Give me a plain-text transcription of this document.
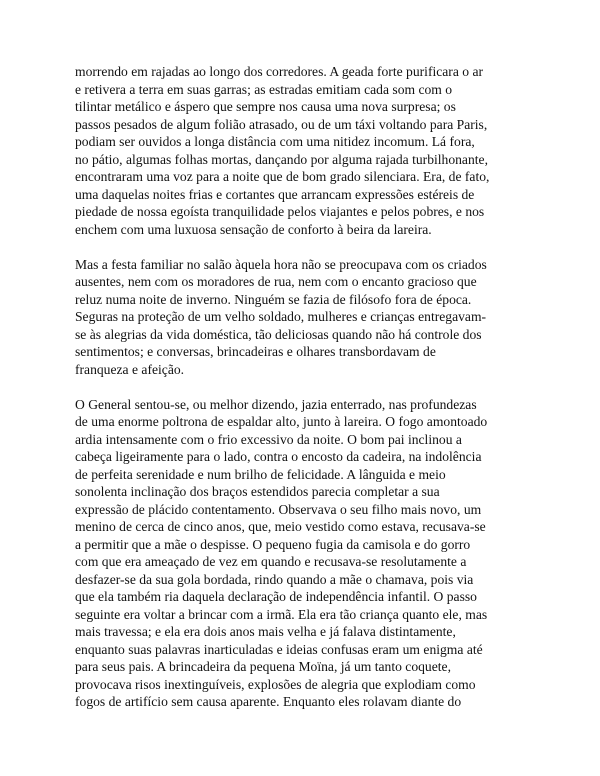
morrendo em rajadas ao longo dos corredores. A geada forte purificara o ar
e retivera a terra em suas garras; as estradas emitiam cada som com o
tilintar metálico e áspero que sempre nos causa uma nova surpresa; os
passos pesados de algum folião atrasado, ou de um táxi voltando para Paris,
podiam ser ouvidos a longa distância com uma nitidez incomum. Lá fora,
no pátio, algumas folhas mortas, dançando por alguma rajada turbilhonante,
encontraram uma voz para a noite que de bom grado silenciara. Era, de fato,
uma daquelas noites frias e cortantes que arrancam expressões estéreis de
piedade de nossa egoísta tranquilidade pelos viajantes e pelos pobres, e nos
enchem com uma luxuosa sensação de conforto à beira da lareira.

Mas a festa familiar no salão àquela hora não se preocupava com os criados
ausentes, nem com os moradores de rua, nem com o encanto gracioso que
reluz numa noite de inverno. Ninguém se fazia de filósofo fora de época.
Seguras na proteção de um velho soldado, mulheres e crianças entregavam-
se às alegrias da vida doméstica, tão deliciosas quando não há controle dos
sentimentos; e conversas, brincadeiras e olhares transbordavam de
franqueza e afeição.

O General sentou-se, ou melhor dizendo, jazia enterrado, nas profundezas
de uma enorme poltrona de espaldar alto, junto à lareira. O fogo amontoado
ardia intensamente com o frio excessivo da noite. O bom pai inclinou a
cabeça ligeiramente para o lado, contra o encosto da cadeira, na indolência
de perfeita serenidade e num brilho de felicidade. A lânguida e meio
sonolenta inclinação dos braços estendidos parecia completar a sua
expressão de plácido contentamento. Observava o seu filho mais novo, um
menino de cerca de cinco anos, que, meio vestido como estava, recusava-se
a permitir que a mãe o despisse. O pequeno fugia da camisola e do gorro
com que era ameaçado de vez em quando e recusava-se resolutamente a
desfazer-se da sua gola bordada, rindo quando a mãe o chamava, pois via
que ela também ria daquela declaração de independência infantil. O passo
seguinte era voltar a brincar com a irmã. Ela era tão criança quanto ele, mas
mais travessa; e ela era dois anos mais velha e já falava distintamente,
enquanto suas palavras inarticuladas e ideias confusas eram um enigma até
para seus pais. A brincadeira da pequena Moïna, já um tanto coquete,
provocava risos inextinguíveis, explosões de alegria que explodiam como
fogos de artifício sem causa aparente. Enquanto eles rolavam diante do
